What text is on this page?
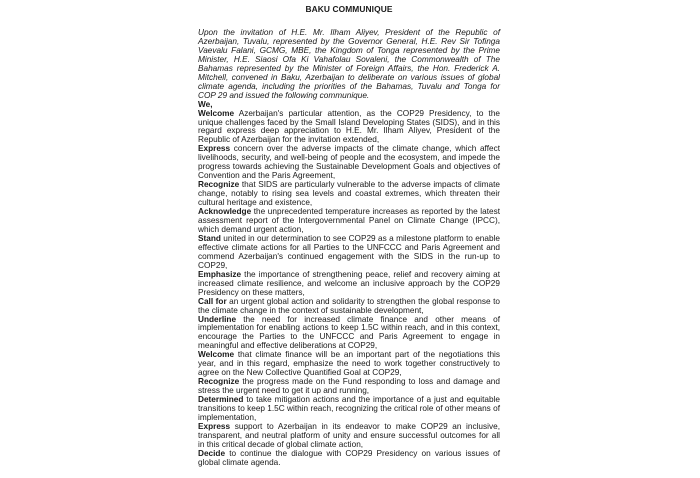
BAKU COMMUNIQUE

Upon the invitation of H.E. Mr. Ilham Aliyev, President of the Republic of Azerbaijan, Tuvalu, represented by the Governor General, H.E. Rev Sir Tofinga Vaevalu Falani, GCMG, MBE, the Kingdom of Tonga represented by the Prime Minister, H.E. Siaosi Ofa Ki Vahafolau Sovaleni, the Commonwealth of The Bahamas represented by the Minister of Foreign Affairs, the Hon. Frederick A. Mitchell, convened in Baku, Azerbaijan to deliberate on various issues of global climate agenda, including the priorities of the Bahamas, Tuvalu and Tonga for COP 29 and issued the following communique.

We,

Welcome Azerbaijan's particular attention, as the COP29 Presidency, to the unique challenges faced by the Small Island Developing States (SIDS), and in this regard express deep appreciation to H.E. Mr. Ilham Aliyev, President of the Republic of Azerbaijan for the invitation extended,

Express concern over the adverse impacts of the climate change, which affect livelihoods, security, and well-being of people and the ecosystem, and impede the progress towards achieving the Sustainable Development Goals and objectives of Convention and the Paris Agreement,

Recognize that SIDS are particularly vulnerable to the adverse impacts of climate change, notably to rising sea levels and coastal extremes, which threaten their cultural heritage and existence,

Acknowledge the unprecedented temperature increases as reported by the latest assessment report of the Intergovernmental Panel on Climate Change (IPCC), which demand urgent action,

Stand united in our determination to see COP29 as a milestone platform to enable effective climate actions for all Parties to the UNFCCC and Paris Agreement and commend Azerbaijan's continued engagement with the SIDS in the run-up to COP29,

Emphasize the importance of strengthening peace, relief and recovery aiming at increased climate resilience, and welcome an inclusive approach by the COP29 Presidency on these matters,

Call for an urgent global action and solidarity to strengthen the global response to the climate change in the context of sustainable development,

Underline the need for increased climate finance and other means of implementation for enabling actions to keep 1.5C within reach, and in this context, encourage the Parties to the UNFCCC and Paris Agreement to engage in meaningful and effective deliberations at COP29,

Welcome that climate finance will be an important part of the negotiations this year, and in this regard, emphasize the need to work together constructively to agree on the New Collective Quantified Goal at COP29,

Recognize the progress made on the Fund responding to loss and damage and stress the urgent need to get it up and running,

Determined to take mitigation actions and the importance of a just and equitable transitions to keep 1.5C within reach, recognizing the critical role of other means of implementation,

Express support to Azerbaijan in its endeavor to make COP29 an inclusive, transparent, and neutral platform of unity and ensure successful outcomes for all in this critical decade of global climate action,

Decide to continue the dialogue with COP29 Presidency on various issues of global climate agenda.
